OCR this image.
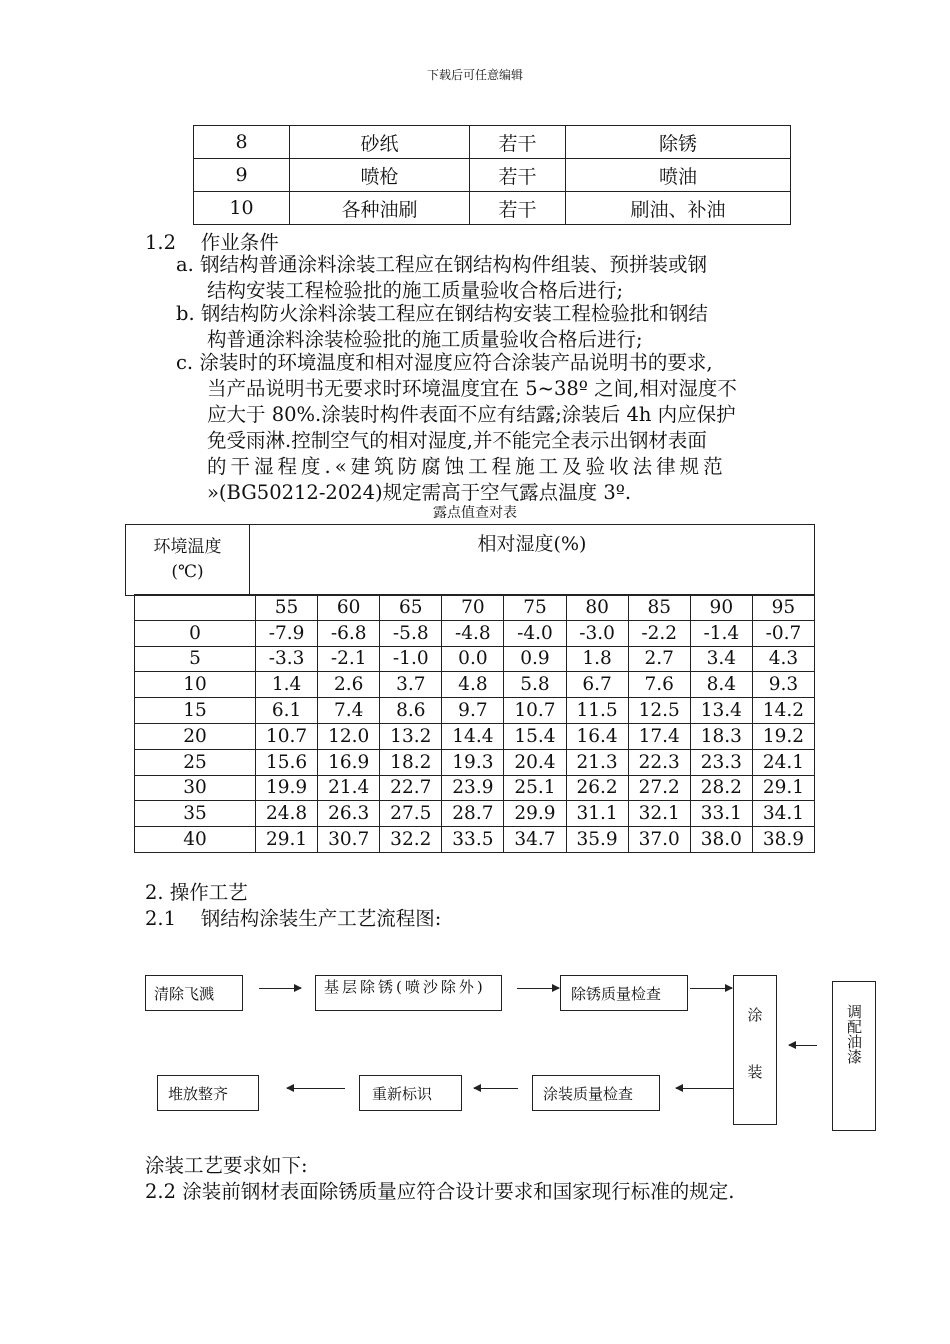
下载后可任意编辑
8	砂纸	若干	除锈
9	喷枪	若干	喷油
10	各种油刷	若干	刷油、补油
1.2    作业条件
a. 钢结构普通涂料涂装工程应在钢结构构件组装、预拼装或钢
结构安装工程检验批的施工质量验收合格后进行;
b. 钢结构防火涂料涂装工程应在钢结构安装工程检验批和钢结
构普通涂料涂装检验批的施工质量验收合格后进行;
c. 涂装时的环境温度和相对湿度应符合涂装产品说明书的要求,
当产品说明书无要求时环境温度宜在 5~38º 之间,相对湿度不
应大于 80%.涂装时构件表面不应有结露;涂装后 4h 内应保护
免受雨淋.控制空气的相对湿度,并不能完全表示出钢材表面
的干湿程度.«建筑防腐蚀工程施工及验收法律规范
»(BG50212-2024)规定需高于空气露点温度 3º.
露点值查对表
环境温度
(℃)
相对湿度(%)
	55	60	65	70	75	80	85	90	95
0	-7.9	-6.8	-5.8	-4.8	-4.0	-3.0	-2.2	-1.4	-0.7
5	-3.3	-2.1	-1.0	0.0	0.9	1.8	2.7	3.4	4.3
10	1.4	2.6	3.7	4.8	5.8	6.7	7.6	8.4	9.3
15	6.1	7.4	8.6	9.7	10.7	11.5	12.5	13.4	14.2
20	10.7	12.0	13.2	14.4	15.4	16.4	17.4	18.3	19.2
25	15.6	16.9	18.2	19.3	20.4	21.3	22.3	23.3	24.1
30	19.9	21.4	22.7	23.9	25.1	26.2	27.2	28.2	29.1
35	24.8	26.3	27.5	28.7	29.9	31.1	32.1	33.1	34.1
40	29.1	30.7	32.2	33.5	34.7	35.9	37.0	38.0	38.9
2. 操作工艺
2.1    钢结构涂装生产工艺流程图:
清除飞溅	基层除锈(喷沙除外)	除锈质量检查
涂
装
调配油漆
涂装质量检查
重新标识
堆放整齐
涂装工艺要求如下:
2.2 涂装前钢材表面除锈质量应符合设计要求和国家现行标准的规定.
